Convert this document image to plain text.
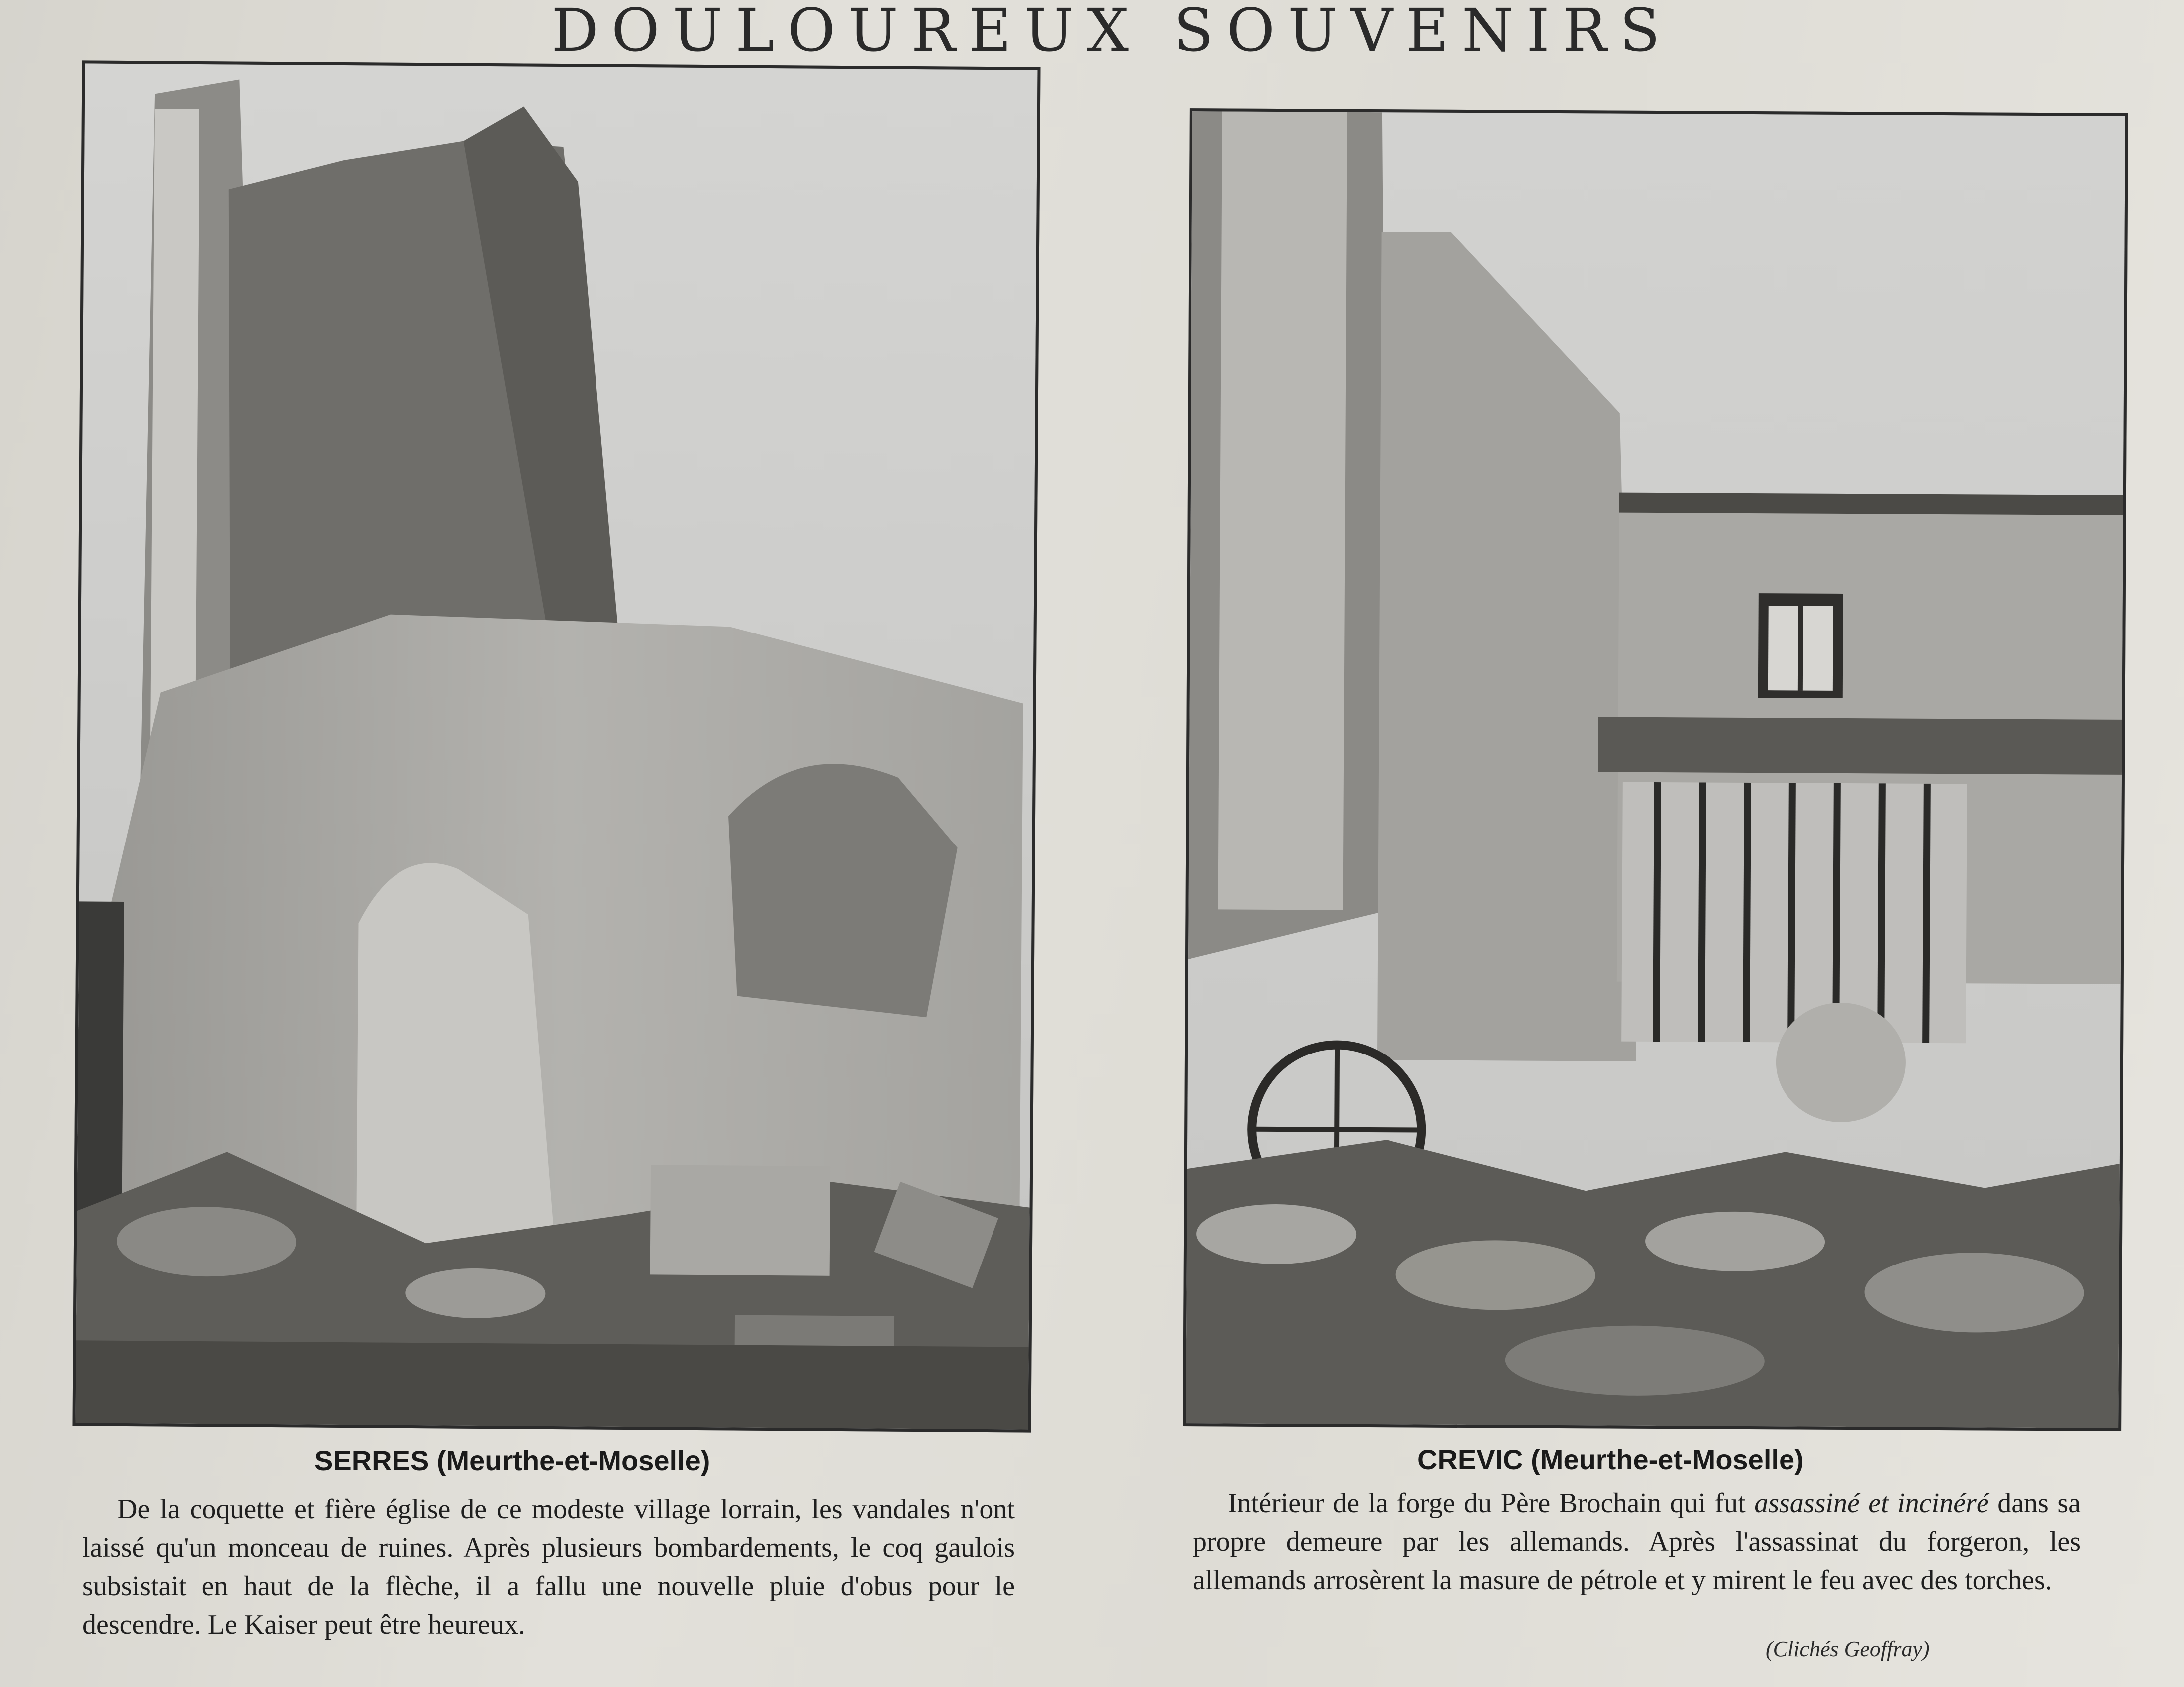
DOULOUREUX SOUVENIRS
SERRES (Meurthe-et-Moselle)
De la coquette et fière église de ce modeste village lorrain, les vandales n'ont laissé qu'un monceau de ruines. Après plusieurs bombardements, le coq gaulois subsistait en haut de la flèche, il a fallu une nouvelle pluie d'obus pour le descendre. Le Kaiser peut être heureux.
CREVIC (Meurthe-et-Moselle)
Intérieur de la forge du Père Brochain qui fut assassiné et incinéré dans sa propre demeure par les allemands. Après l'assassinat du forgeron, les allemands arrosèrent la masure de pétrole et y mirent le feu avec des torches.
(Clichés Geoffray)
